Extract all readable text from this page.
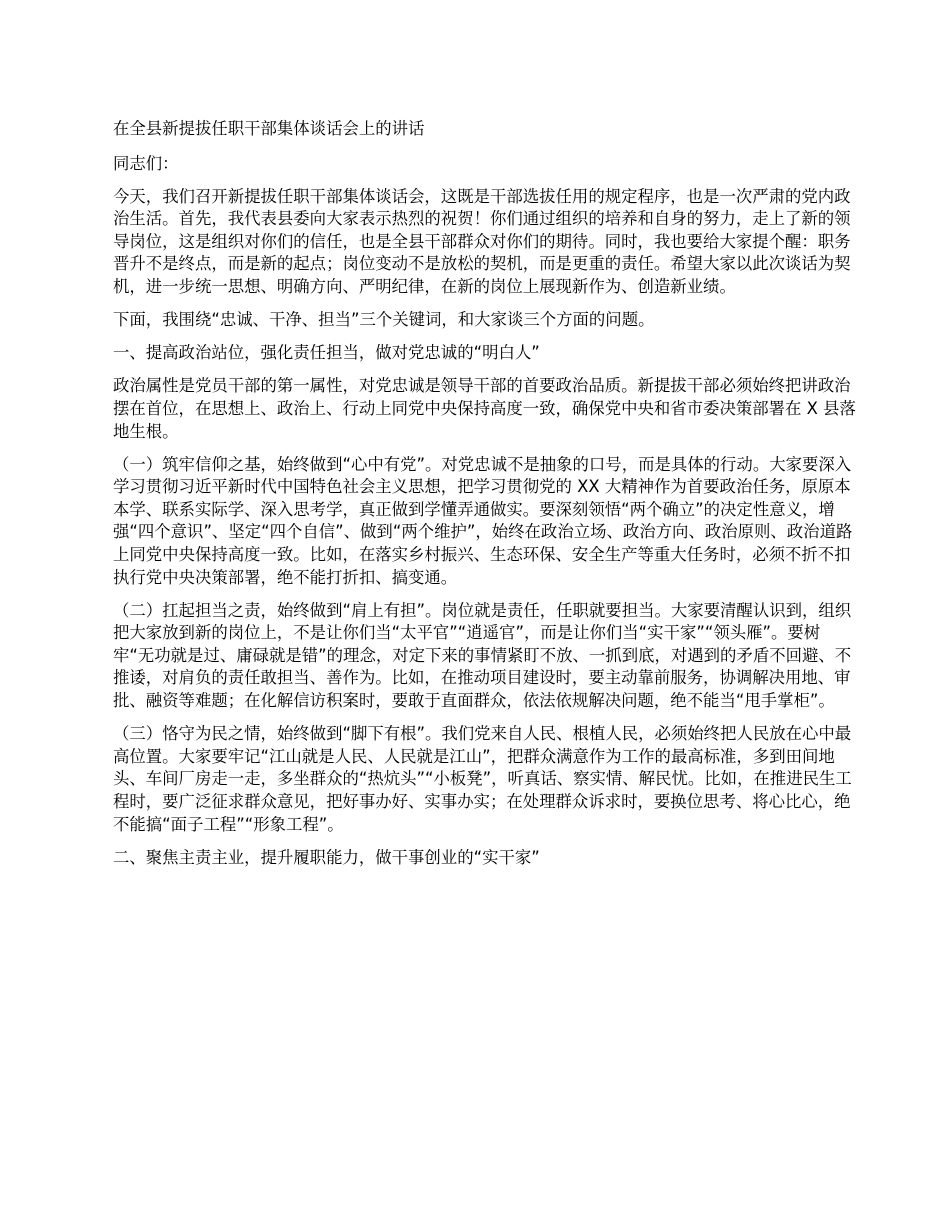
在全县新提拔任职干部集体谈话会上的讲话

同志们：

今天，我们召开新提拔任职干部集体谈话会，这既是干部选拔任用的规定程序，也是一次严肃的党内政治生活。首先，我代表县委向大家表示热烈的祝贺！你们通过组织的培养和自身的努力，走上了新的领导岗位，这是组织对你们的信任，也是全县干部群众对你们的期待。同时，我也要给大家提个醒：职务晋升不是终点，而是新的起点；岗位变动不是放松的契机，而是更重的责任。希望大家以此次谈话为契机，进一步统一思想、明确方向、严明纪律，在新的岗位上展现新作为、创造新业绩。

下面，我围绕“忠诚、干净、担当”三个关键词，和大家谈三个方面的问题。

一、提高政治站位，强化责任担当，做对党忠诚的“明白人”

政治属性是党员干部的第一属性，对党忠诚是领导干部的首要政治品质。新提拔干部必须始终把讲政治摆在首位，在思想上、政治上、行动上同党中央保持高度一致，确保党中央和省市委决策部署在 X 县落地生根。

（一）筑牢信仰之基，始终做到“心中有党”。对党忠诚不是抽象的口号，而是具体的行动。大家要深入学习贯彻习近平新时代中国特色社会主义思想，把学习贯彻党的 XX 大精神作为首要政治任务，原原本本学、联系实际学、深入思考学，真正做到学懂弄通做实。要深刻领悟“两个确立”的决定性意义，增强“四个意识”、坚定“四个自信”、做到“两个维护”，始终在政治立场、政治方向、政治原则、政治道路上同党中央保持高度一致。比如，在落实乡村振兴、生态环保、安全生产等重大任务时，必须不折不扣执行党中央决策部署，绝不能打折扣、搞变通。

（二）扛起担当之责，始终做到“肩上有担”。岗位就是责任，任职就要担当。大家要清醒认识到，组织把大家放到新的岗位上，不是让你们当“太平官”“逍遥官”，而是让你们当“实干家”“领头雁”。要树牢“无功就是过、庸碌就是错”的理念，对定下来的事情紧盯不放、一抓到底，对遇到的矛盾不回避、不推诿，对肩负的责任敢担当、善作为。比如，在推动项目建设时，要主动靠前服务，协调解决用地、审批、融资等难题；在化解信访积案时，要敢于直面群众，依法依规解决问题，绝不能当“甩手掌柜”。

（三）恪守为民之情，始终做到“脚下有根”。我们党来自人民、根植人民，必须始终把人民放在心中最高位置。大家要牢记“江山就是人民、人民就是江山”，把群众满意作为工作的最高标准，多到田间地头、车间厂房走一走，多坐群众的“热炕头”“小板凳”，听真话、察实情、解民忧。比如，在推进民生工程时，要广泛征求群众意见，把好事办好、实事办实；在处理群众诉求时，要换位思考、将心比心，绝不能搞“面子工程”“形象工程”。

二、聚焦主责主业，提升履职能力，做干事创业的“实干家”
